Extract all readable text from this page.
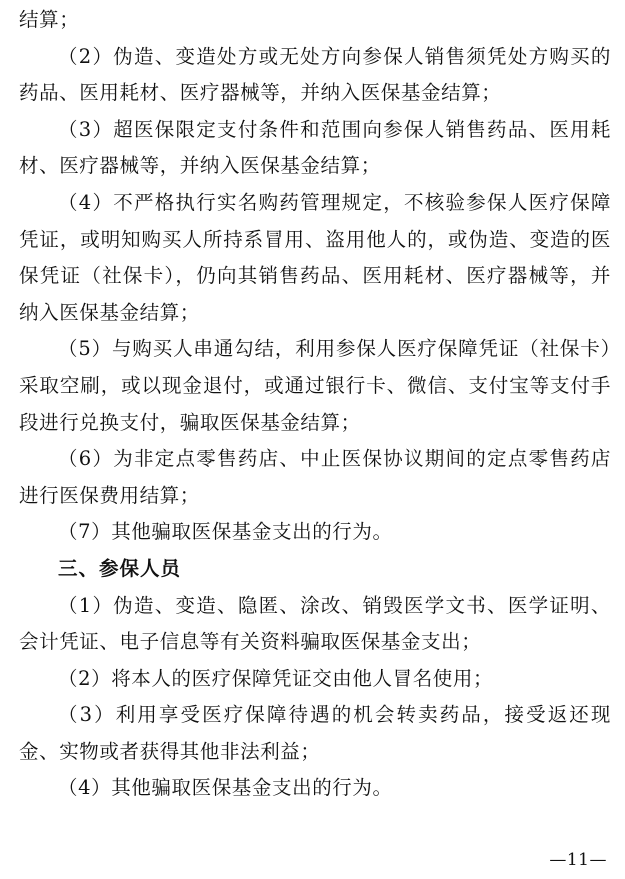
结算；

（2）伪造、变造处方或无处方向参保人销售须凭处方购买的药品、医用耗材、医疗器械等，并纳入医保基金结算；

（3）超医保限定支付条件和范围向参保人销售药品、医用耗材、医疗器械等，并纳入医保基金结算；

（4）不严格执行实名购药管理规定，不核验参保人医疗保障凭证，或明知购买人所持系冒用、盗用他人的，或伪造、变造的医保凭证（社保卡），仍向其销售药品、医用耗材、医疗器械等，并纳入医保基金结算；

（5）与购买人串通勾结，利用参保人医疗保障凭证（社保卡）采取空刷，或以现金退付，或通过银行卡、微信、支付宝等支付手段进行兑换支付，骗取医保基金结算；

（6）为非定点零售药店、中止医保协议期间的定点零售药店进行医保费用结算；

（7）其他骗取医保基金支出的行为。

三、参保人员

（1）伪造、变造、隐匿、涂改、销毁医学文书、医学证明、会计凭证、电子信息等有关资料骗取医保基金支出；

（2）将本人的医疗保障凭证交由他人冒名使用；

（3）利用享受医疗保障待遇的机会转卖药品，接受返还现金、实物或者获得其他非法利益；

（4）其他骗取医保基金支出的行为。

—11—
